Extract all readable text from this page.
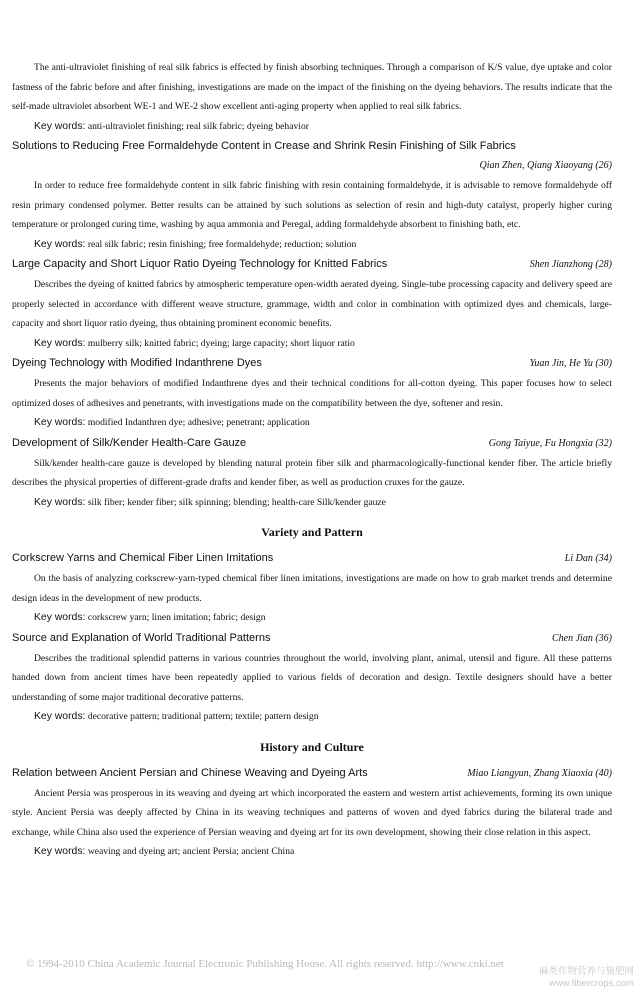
The anti-ultraviolet finishing of real silk fabrics is effected by finish absorbing techniques. Through a comparison of K/S value, dye uptake and color fastness of the fabric before and after finishing, investigations are made on the impact of the finishing on the dyeing behaviors. The results indicate that the self-made ultraviolet absorbent WE-1 and WE-2 show excellent anti-aging property when applied to real silk fabrics.

Key words: anti-ultraviolet finishing; real silk fabric; dyeing behavior

Solutions to Reducing Free Formaldehyde Content in Crease and Shrink Resin Finishing of Silk Fabrics
Qian Zhen, Qiang Xiaoyang (26)

In order to reduce free formaldehyde content in silk fabric finishing with resin containing formaldehyde, it is advisable to remove formaldehyde off resin primary condensed polymer. Better results can be attained by such solutions as selection of resin and high-duty catalyst, properly higher curing temperature or prolonged curing time, washing by aqua ammonia and Peregal, adding formaldehyde absorbent to finishing bath, etc.

Key words: real silk fabric; resin finishing; free formaldehyde; reduction; solution

Large Capacity and Short Liquor Ratio Dyeing Technology for Knitted Fabrics	Shen Jianzhong (28)

Describes the dyeing of knitted fabrics by atmospheric temperature open-width aerated dyeing. Single-tube processing capacity and delivery speed are properly selected in accordance with different weave structure, grammage, width and color in combination with optimized dyes and chemicals, large-capacity and short liquor ratio dyeing, thus obtaining prominent economic benefits.

Key words: mulberry silk; knitted fabric; dyeing; large capacity; short liquor ratio

Dyeing Technology with Modified Indanthrene Dyes	Yuan Jin, He Yu (30)

Presents the major behaviors of modified Indanthrene dyes and their technical conditions for all-cotton dyeing. This paper focuses how to select optimized doses of adhesives and penetrants, with investigations made on the compatibility between the dye, softener and resin.

Key words: modified Indanthren dye; adhesive; penetrant; application

Development of Silk/Kender Health-Care Gauze	Gong Taiyue, Fu Hongxia (32)

Silk/kender health-care gauze is developed by blending natural protein fiber silk and pharmacologically-functional kender fiber. The article briefly describes the physical properties of different-grade drafts and kender fiber, as well as production cruxes for the gauze.

Key words: silk fiber; kender fiber; silk spinning; blending; health-care Silk/kender gauze

Variety and Pattern
Corkscrew Yarns and Chemical Fiber Linen Imitations	Li Dan (34)

On the basis of analyzing corkscrew-yarn-typed chemical fiber linen imitations, investigations are made on how to grab market trends and determine design ideas in the development of new products.

Key words: corkscrew yarn; linen imitation; fabric; design

Source and Explanation of World Traditional Patterns	Chen Jian (36)

Describes the traditional splendid patterns in various countries throughout the world, involving plant, animal, utensil and figure. All these patterns handed down from ancient times have been repeatedly applied to various fields of decoration and design. Textile designers should have a better understanding of some major traditional decorative patterns.

Key words: decorative pattern; traditional pattern; textile; pattern design

History and Culture
Relation between Ancient Persian and Chinese Weaving and Dyeing Arts	Miao Liangyun, Zhang Xiaoxia (40)

Ancient Persia was prosperous in its weaving and dyeing art which incorporated the eastern and western artist achievements, forming its own unique style. Ancient Persia was deeply affected by China in its weaving techniques and patterns of woven and dyed fabrics during the bilateral trade and exchange, while China also used the experience of Persian weaving and dyeing art for its own development, showing their close relation in this aspect.

Key words: weaving and dyeing art; ancient Persia; ancient China

© 1994-2010 China Academic Journal Electronic Publishing House. All rights reserved. http://www.cnki.net
麻类作物营养与施肥网
www.fibercrops.com
